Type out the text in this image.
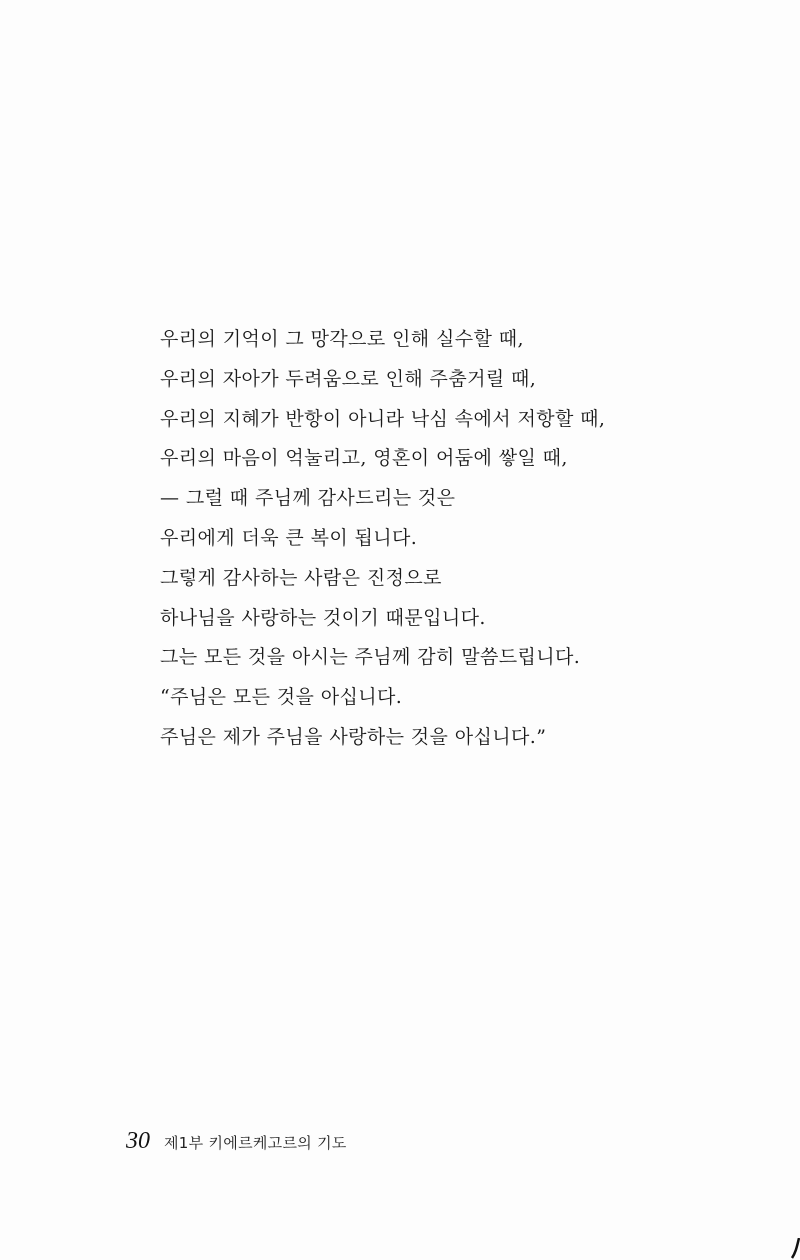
우리의 기억이 그 망각으로 인해 실수할 때,
우리의 자아가 두려움으로 인해 주춤거릴 때,
우리의 지혜가 반항이 아니라 낙심 속에서 저항할 때,
우리의 마음이 억눌리고, 영혼이 어둠에 쌓일 때,
— 그럴 때 주님께 감사드리는 것은
우리에게 더욱 큰 복이 됩니다.
그렇게 감사하는 사람은 진정으로
하나님을 사랑하는 것이기 때문입니다.
그는 모든 것을 아시는 주님께 감히 말씀드립니다.
“주님은 모든 것을 아십니다.
주님은 제가 주님을 사랑하는 것을 아십니다.”
30 제1부 키에르케고르의 기도
